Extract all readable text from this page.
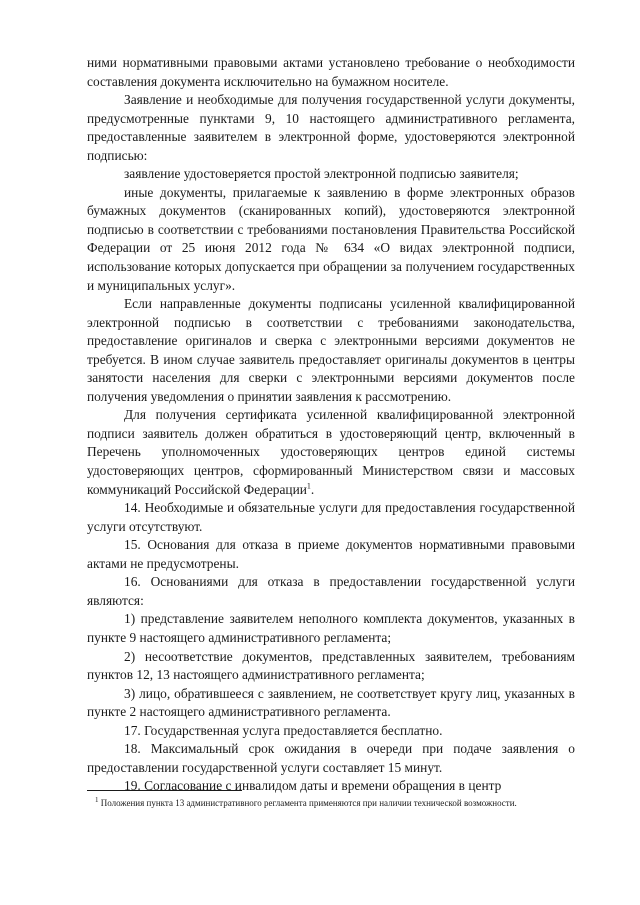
ними нормативными правовыми актами установлено требование о необходимости составления документа исключительно на бумажном носителе.

Заявление и необходимые для получения государственной услуги документы, предусмотренные пунктами 9, 10 настоящего административного регламента, предоставленные заявителем в электронной форме, удостоверяются электронной подписью:

заявление удостоверяется простой электронной подписью заявителя;

иные документы, прилагаемые к заявлению в форме электронных образов бумажных документов (сканированных копий), удостоверяются электронной подписью в соответствии с требованиями постановления Правительства Российской Федерации от 25 июня 2012 года № 634 «О видах электронной подписи, использование которых допускается при обращении за получением государственных и муниципальных услуг».

Если направленные документы подписаны усиленной квалифицированной электронной подписью в соответствии с требованиями законодательства, предоставление оригиналов и сверка с электронными версиями документов не требуется. В ином случае заявитель предоставляет оригиналы документов в центры занятости населения для сверки с электронными версиями документов после получения уведомления о принятии заявления к рассмотрению.

Для получения сертификата усиленной квалифицированной электронной подписи заявитель должен обратиться в удостоверяющий центр, включенный в Перечень уполномоченных удостоверяющих центров единой системы удостоверяющих центров, сформированный Министерством связи и массовых коммуникаций Российской Федерации$^1$.

14. Необходимые и обязательные услуги для предоставления государственной услуги отсутствуют.

15. Основания для отказа в приеме документов нормативными правовыми актами не предусмотрены.

16. Основаниями для отказа в предоставлении государственной услуги являются:

1) представление заявителем неполного комплекта документов, указанных в пункте 9 настоящего административного регламента;

2) несоответствие документов, представленных заявителем, требованиям пунктов 12, 13 настоящего административного регламента;

3) лицо, обратившееся с заявлением, не соответствует кругу лиц, указанных в пункте 2 настоящего административного регламента.

17. Государственная услуга предоставляется бесплатно.

18. Максимальный срок ожидания в очереди при подаче заявления о предоставлении государственной услуги составляет 15 минут.

19. Согласование с инвалидом даты и времени обращения в центр

$^1$ Положения пункта 13 административного регламента применяются при наличии технической возможности.
